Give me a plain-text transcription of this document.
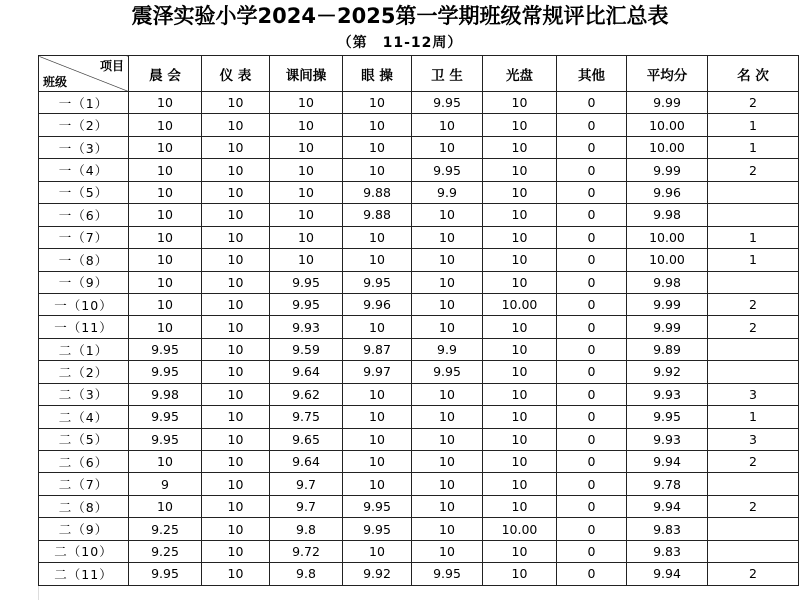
震泽实验小学2024－2025第一学期班级常规评比汇总表
（第　11-12周）
项目
班级	晨 会	仪 表	课间操	眼 操	卫 生	光盘	其他	平均分	名 次
一（1）	10	10	10	10	9.95	10	0	9.99	2
一（2）	10	10	10	10	10	10	0	10.00	1
一（3）	10	10	10	10	10	10	0	10.00	1
一（4）	10	10	10	10	9.95	10	0	9.99	2
一（5）	10	10	10	9.88	9.9	10	0	9.96	
一（6）	10	10	10	9.88	10	10	0	9.98	
一（7）	10	10	10	10	10	10	0	10.00	1
一（8）	10	10	10	10	10	10	0	10.00	1
一（9）	10	10	9.95	9.95	10	10	0	9.98	
一（10）	10	10	9.95	9.96	10	10.00	0	9.99	2
一（11）	10	10	9.93	10	10	10	0	9.99	2
二（1）	9.95	10	9.59	9.87	9.9	10	0	9.89	
二（2）	9.95	10	9.64	9.97	9.95	10	0	9.92	
二（3）	9.98	10	9.62	10	10	10	0	9.93	3
二（4）	9.95	10	9.75	10	10	10	0	9.95	1
二（5）	9.95	10	9.65	10	10	10	0	9.93	3
二（6）	10	10	9.64	10	10	10	0	9.94	2
二（7）	9	10	9.7	10	10	10	0	9.78	
二（8）	10	10	9.7	9.95	10	10	0	9.94	2
二（9）	9.25	10	9.8	9.95	10	10.00	0	9.83	
二（10）	9.25	10	9.72	10	10	10	0	9.83	
二（11）	9.95	10	9.8	9.92	9.95	10	0	9.94	2
